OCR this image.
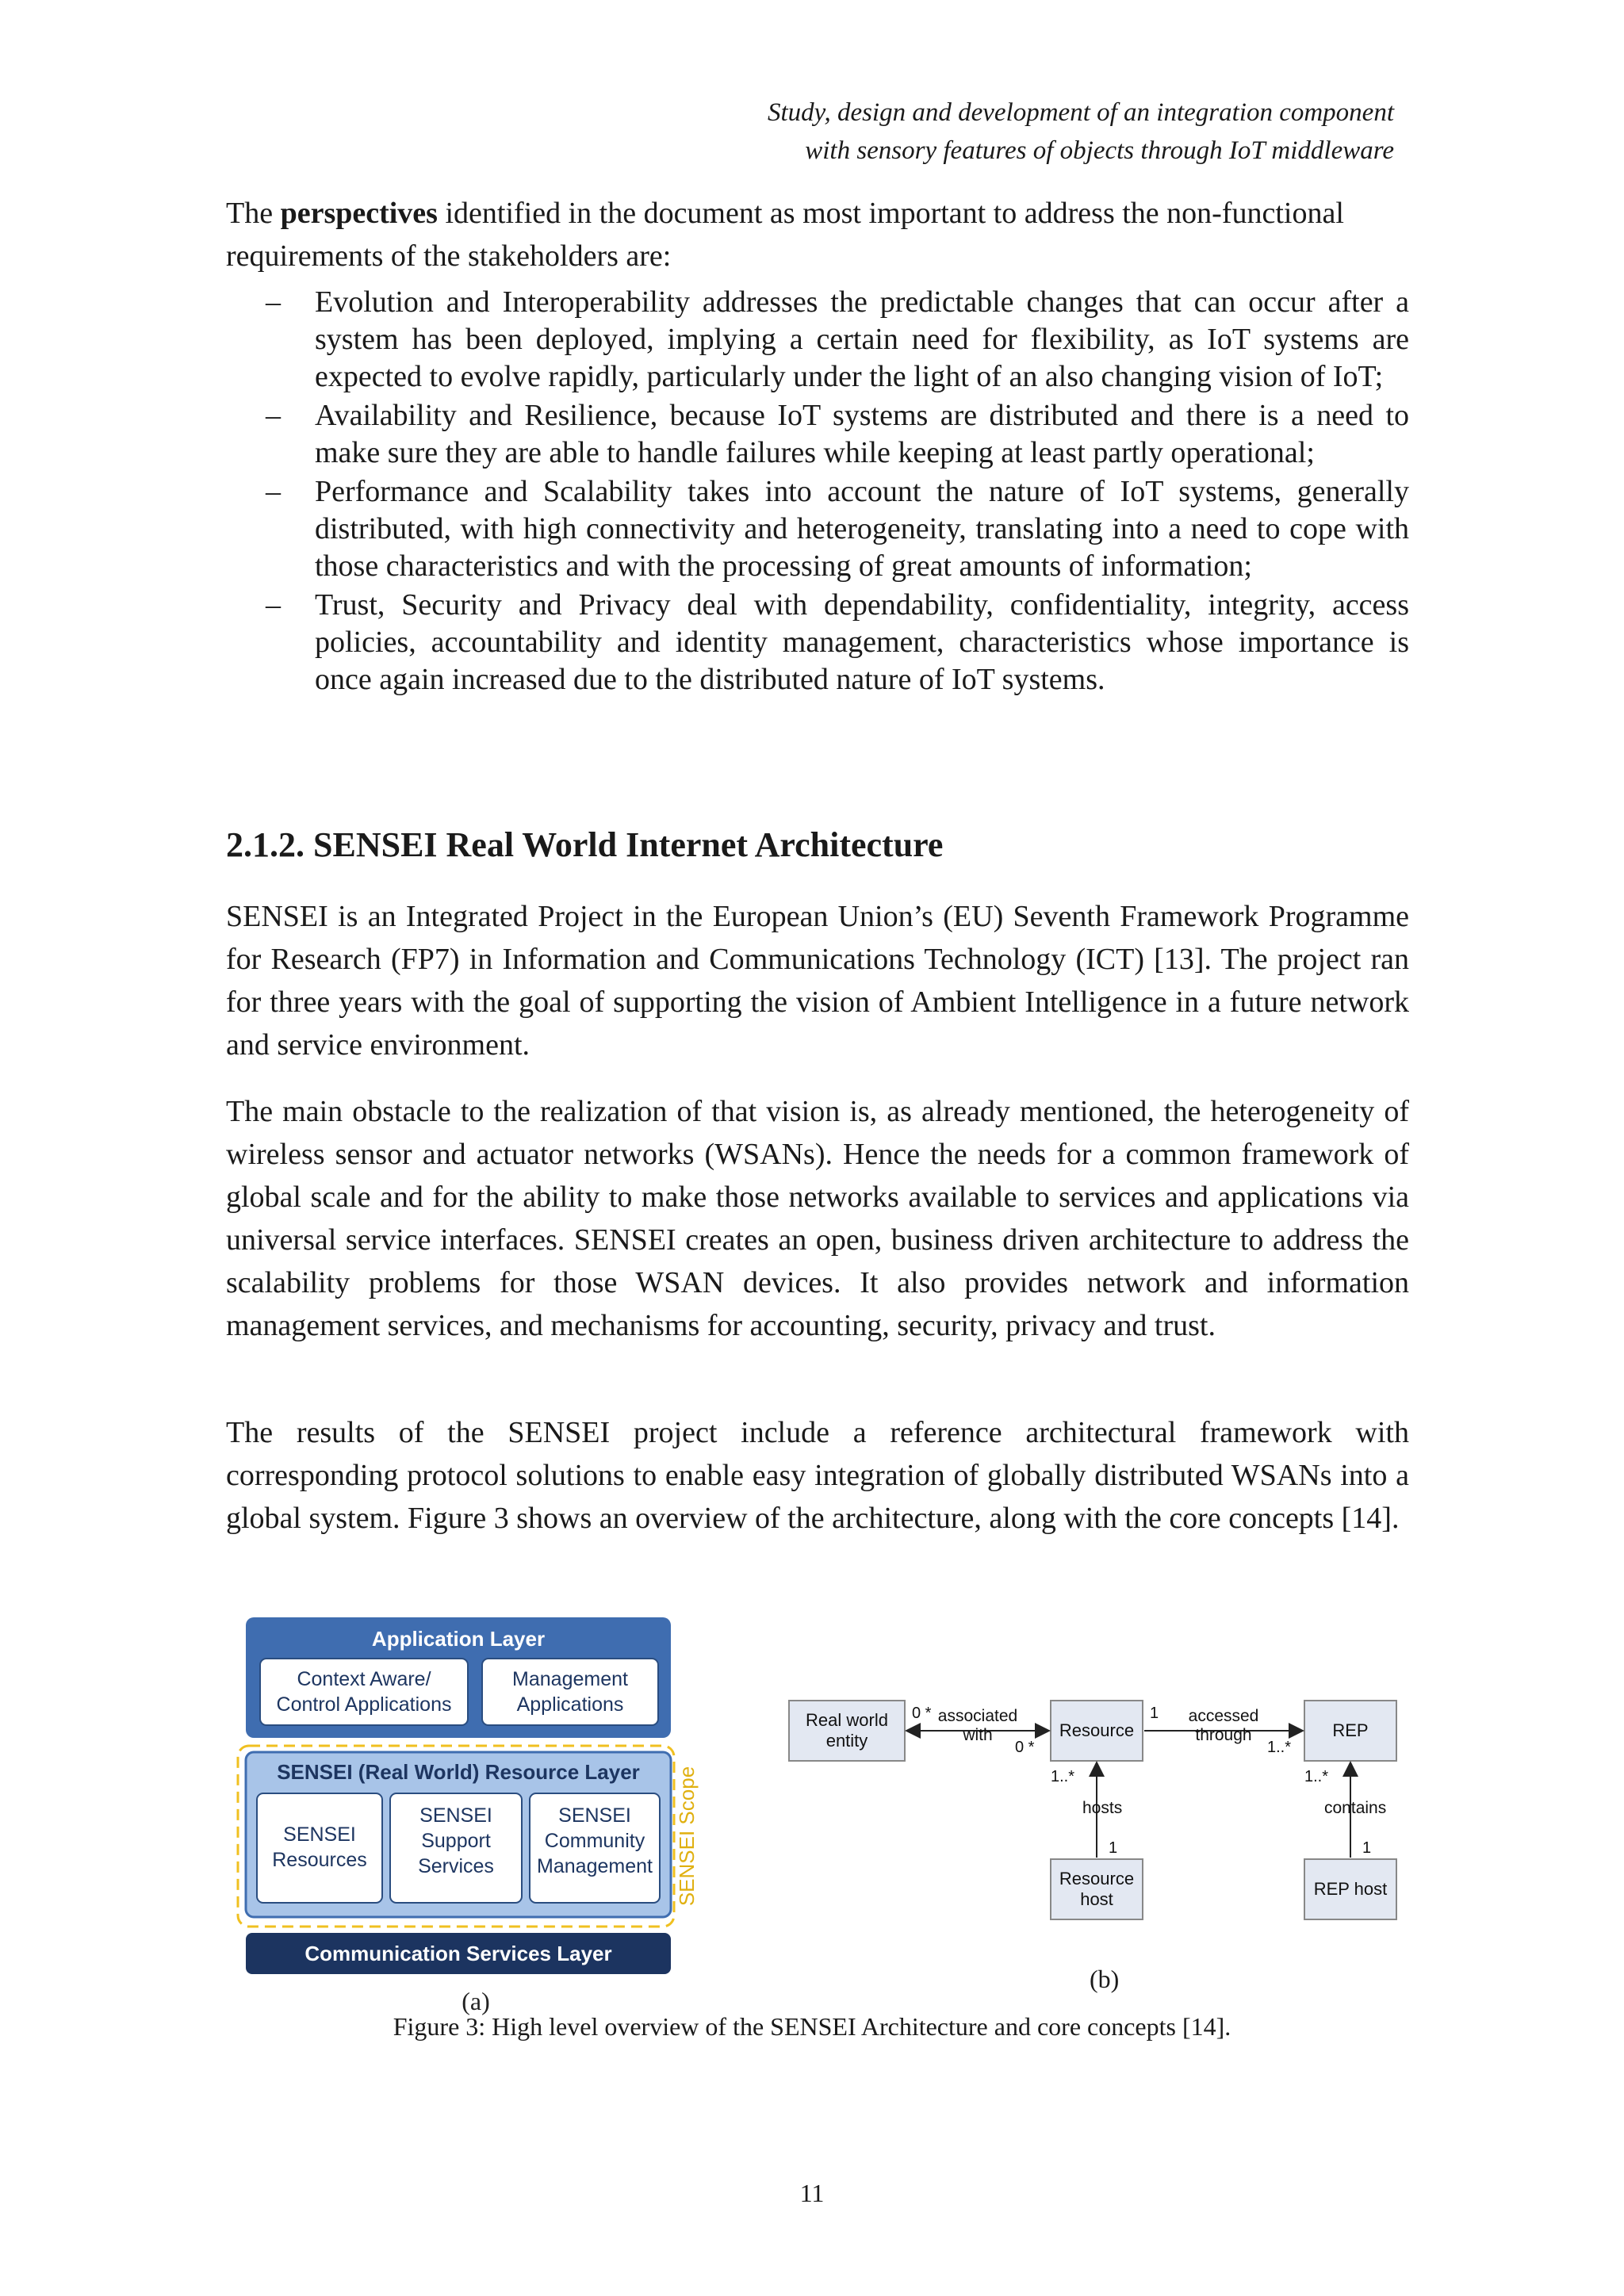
Study, design and development of an integration component
with sensory features of objects through IoT middleware

The perspectives identified in the document as most important to address the non-functional requirements of the stakeholders are:

– Evolution and Interoperability addresses the predictable changes that can occur after a system has been deployed, implying a certain need for flexibility, as IoT systems are expected to evolve rapidly, particularly under the light of an also changing vision of IoT;
– Availability and Resilience, because IoT systems are distributed and there is a need to make sure they are able to handle failures while keeping at least partly operational;
– Performance and Scalability takes into account the nature of IoT systems, generally distributed, with high connectivity and heterogeneity, translating into a need to cope with those characteristics and with the processing of great amounts of information;
– Trust, Security and Privacy deal with dependability, confidentiality, integrity, access policies, accountability and identity management, characteristics whose importance is once again increased due to the distributed nature of IoT systems.
2.1.2. SENSEI Real World Internet Architecture

SENSEI is an Integrated Project in the European Union’s (EU) Seventh Framework Programme for Research (FP7) in Information and Communications Technology (ICT) [13]. The project ran for three years with the goal of supporting the vision of Ambient Intelligence in a future network and service environment.

The main obstacle to the realization of that vision is, as already mentioned, the heterogeneity of wireless sensor and actuator networks (WSANs). Hence the needs for a common framework of global scale and for the ability to make those networks available to services and applications via universal service interfaces. SENSEI creates an open, business driven architecture to address the scalability problems for those WSAN devices. It also provides network and information management services, and mechanisms for accounting, security, privacy and trust.

The results of the SENSEI project include a reference architectural framework with corresponding protocol solutions to enable easy integration of globally distributed WSANs into a global system. Figure 3 shows an overview of the architecture, along with the core concepts [14].

Application Layer
Context Aware/
Control Applications
Management
Applications
SENSEI Scope
SENSEI (Real World) Resource Layer
SENSEI
Resources
SENSEI
Support
Services
SENSEI
Community
Management
Communication Services Layer
(a)
Real world
entity
Resource	REP
Resource
host
REP host
0 *
0 *
associated
with
1
1..*
accessed
through
1..*
hosts
1
1..*
contains
1
(b)
Figure 3: High level overview of the SENSEI Architecture and core concepts [14].
11
